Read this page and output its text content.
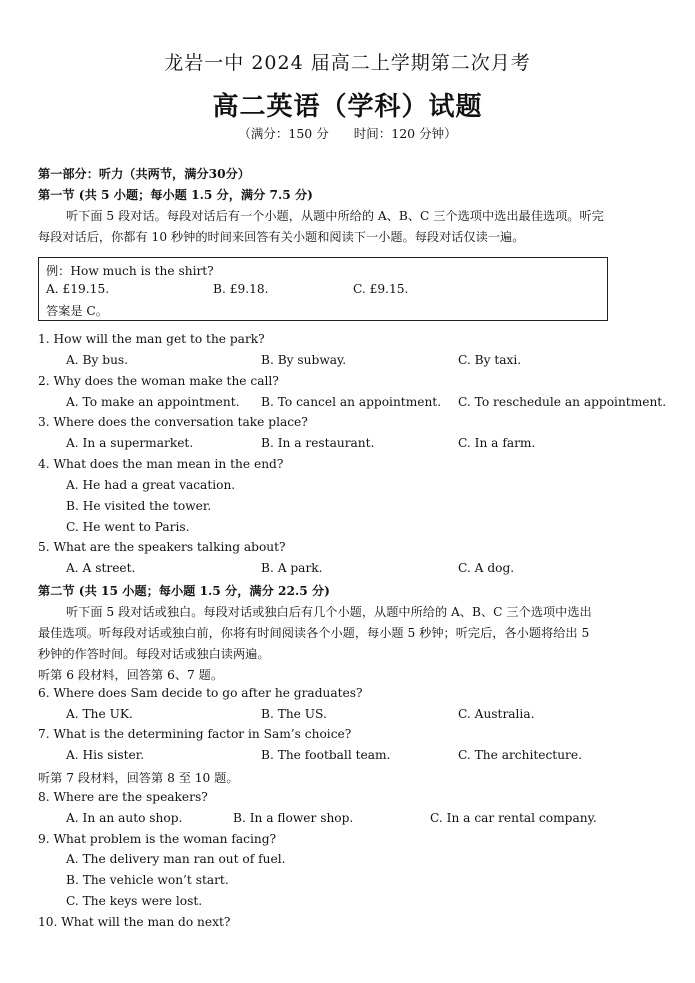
龙岩一中 2024 届高二上学期第二次月考
高二英语（学科）试题
（满分：150 分　　时间：120 分钟）
第一部分：听力（共两节，满分30分）
第一节 (共 5 小题；每小题 1.5 分，满分 7.5 分)
听下面 5 段对话。每段对话后有一个小题，从题中所给的 A、B、C 三个选项中选出最佳选项。听完
每段对话后，你都有 10 秒钟的时间来回答有关小题和阅读下一小题。每段对话仅读一遍。
例：How much is the shirt?
A. £19.15.	B. £9.18.	C. £9.15.
答案是 C。
1. How will the man get to the park?
A. By bus.	B. By subway.	C. By taxi.
2. Why does the woman make the call?
A. To make an appointment. B. To cancel an appointment. C. To reschedule an appointment.
3. Where does the conversation take place?
A. In a supermarket.	B. In a restaurant.	C. In a farm.
4. What does the man mean in the end?
A. He had a great vacation.
B. He visited the tower.
C. He went to Paris.
5. What are the speakers talking about?
A. A street.	B. A park.	C. A dog.
第二节 (共 15 小题；每小题 1.5 分，满分 22.5 分)
听下面 5 段对话或独白。每段对话或独白后有几个小题，从题中所给的 A、B、C 三个选项中选出
最佳选项。听每段对话或独白前，你将有时间阅读各个小题，每小题 5 秒钟；听完后，各小题将给出 5
秒钟的作答时间。每段对话或独白读两遍。
听第 6 段材料，回答第 6、7 题。
6. Where does Sam decide to go after he graduates?
A. The UK.	B. The US.	C. Australia.
7. What is the determining factor in Sam’s choice?
A. His sister.	B. The football team.	C. The architecture.
听第 7 段材料，回答第 8 至 10 题。
8. Where are the speakers?
A. In an auto shop.	B. In a flower shop.	C. In a car rental company.
9. What problem is the woman facing?
A. The delivery man ran out of fuel.
B. The vehicle won’t start.
C. The keys were lost.
10. What will the man do next?
